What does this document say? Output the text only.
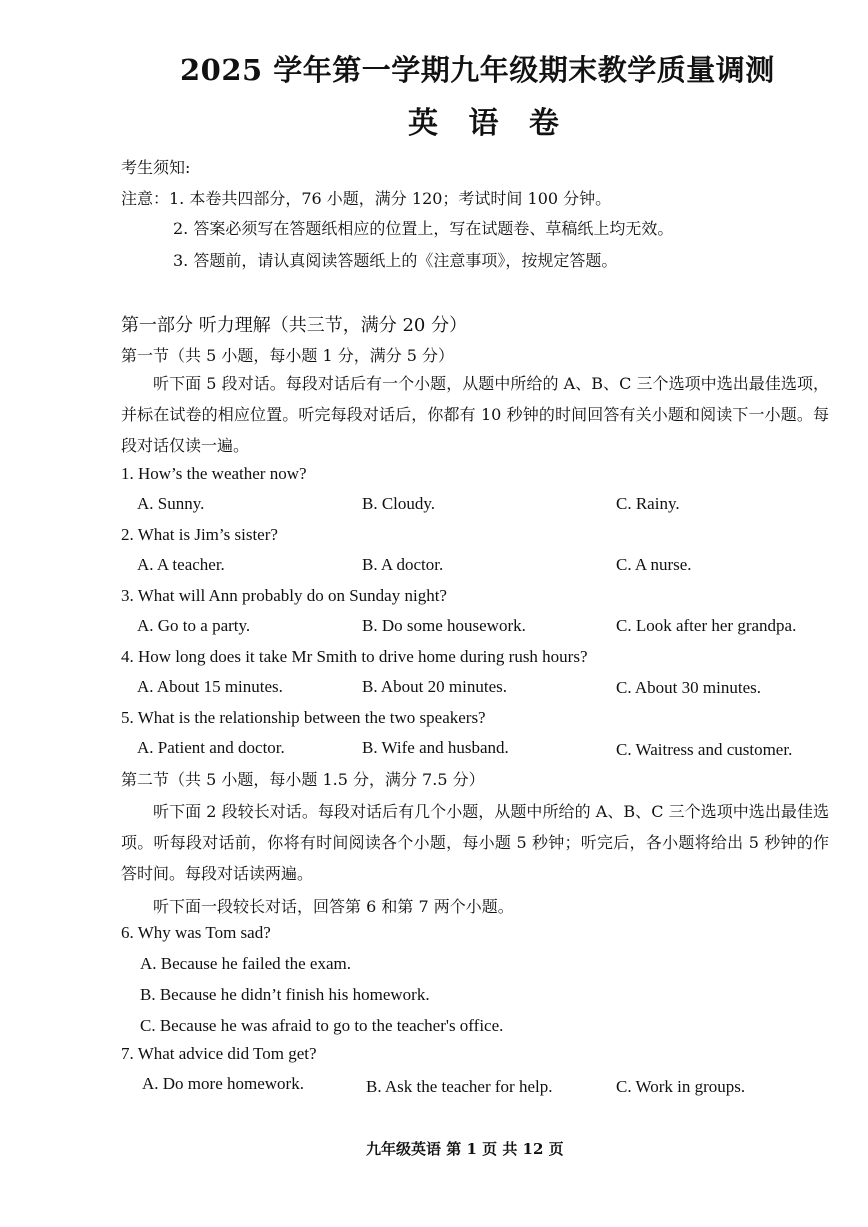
2025 学年第一学期九年级期末教学质量调测
英 语 卷
考生须知:
注意：1. 本卷共四部分，76 小题，满分 120；考试时间 100 分钟。
2. 答案必须写在答题纸相应的位置上，写在试题卷、草稿纸上均无效。
3. 答题前，请认真阅读答题纸上的《注意事项》，按规定答题。
第一部分 听力理解（共三节，满分 20 分）
第一节（共 5 小题，每小题 1 分，满分 5 分）
听下面 5 段对话。每段对话后有一个小题，从题中所给的 A、B、C 三个选项中选出最佳选项，并标在试卷的相应位置。听完每段对话后，你都有 10 秒钟的时间回答有关小题和阅读下一小题。每段对话仅读一遍。
1. How’s the weather now?
A. Sunny.	B. Cloudy.	C. Rainy.
2. What is Jim’s sister?
A. A teacher.	B. A doctor.	C. A nurse.
3. What will Ann probably do on Sunday night?
A. Go to a party.	B. Do some housework.	C. Look after her grandpa.
4. How long does it take Mr Smith to drive home during rush hours?
A. About 15 minutes.	B. About 20 minutes.	C. About 30 minutes.
5. What is the relationship between the two speakers?
A. Patient and doctor.	B. Wife and husband.	C. Waitress and customer.
第二节（共 5 小题，每小题 1.5 分，满分 7.5 分）
听下面 2 段较长对话。每段对话后有几个小题，从题中所给的 A、B、C 三个选项中选出最佳选项。听每段对话前，你将有时间阅读各个小题，每小题 5 秒钟；听完后，各小题将给出 5 秒钟的作答时间。每段对话读两遍。
听下面一段较长对话，回答第 6 和第 7 两个小题。
6. Why was Tom sad?
A. Because he failed the exam.
B. Because he didn’t finish his homework.
C. Because he was afraid to go to the teacher's office.
7. What advice did Tom get?
A. Do more homework.	B. Ask the teacher for help.	C. Work in groups.
九年级英语 第 1 页 共 12 页
